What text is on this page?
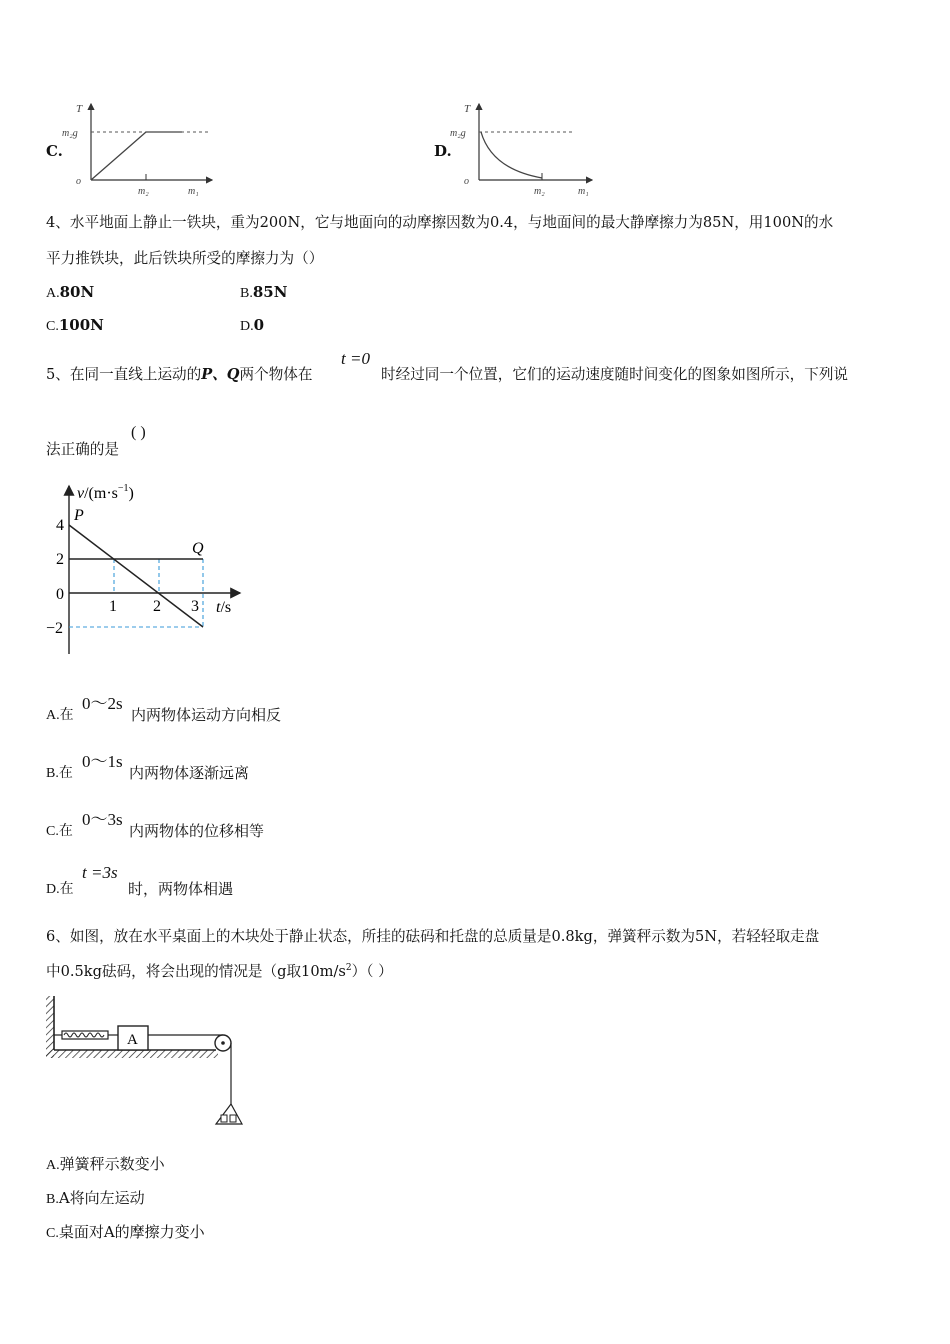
C.
T
m₂g
o
m₂	m₁
D.
T
m₂g
o
m₂	m₁
4、水平地面上静止一铁块，重为200N，它与地面向的动摩擦因数为0.4，与地面间的最大静摩擦力为85N，用100N的水
平力推铁块，此后铁块所受的摩擦力为（）
A.80N	B.85N
C.100N	D.0
5、在同一直线上运动的P、Q两个物体在
t =0
时经过同一个位置，它们的运动速度随时间变化的图象如图所示，下列说
法正确的是
( )
$v/(m\cdot s^{-1})$
t/s
P
Q
4
2
0
−2
1 2 3
A.在
0～2s
内两物体运动方向相反
B.在
0～1s
内两物体逐渐远离
C.在
0～3s
内两物体的位移相等
D.在
t =3s
时，两物体相遇
6、如图，放在水平桌面上的木块处于静止状态，所挂的砝码和托盘的总质量是0.8kg，弹簧秤示数为5N，若轻轻取走盘
中0.5kg砝码，将会出现的情况是（g取$10m/s^2$）（ ）
A
A.弹簧秤示数变小
B.A将向左运动
C.桌面对A的摩擦力变小
